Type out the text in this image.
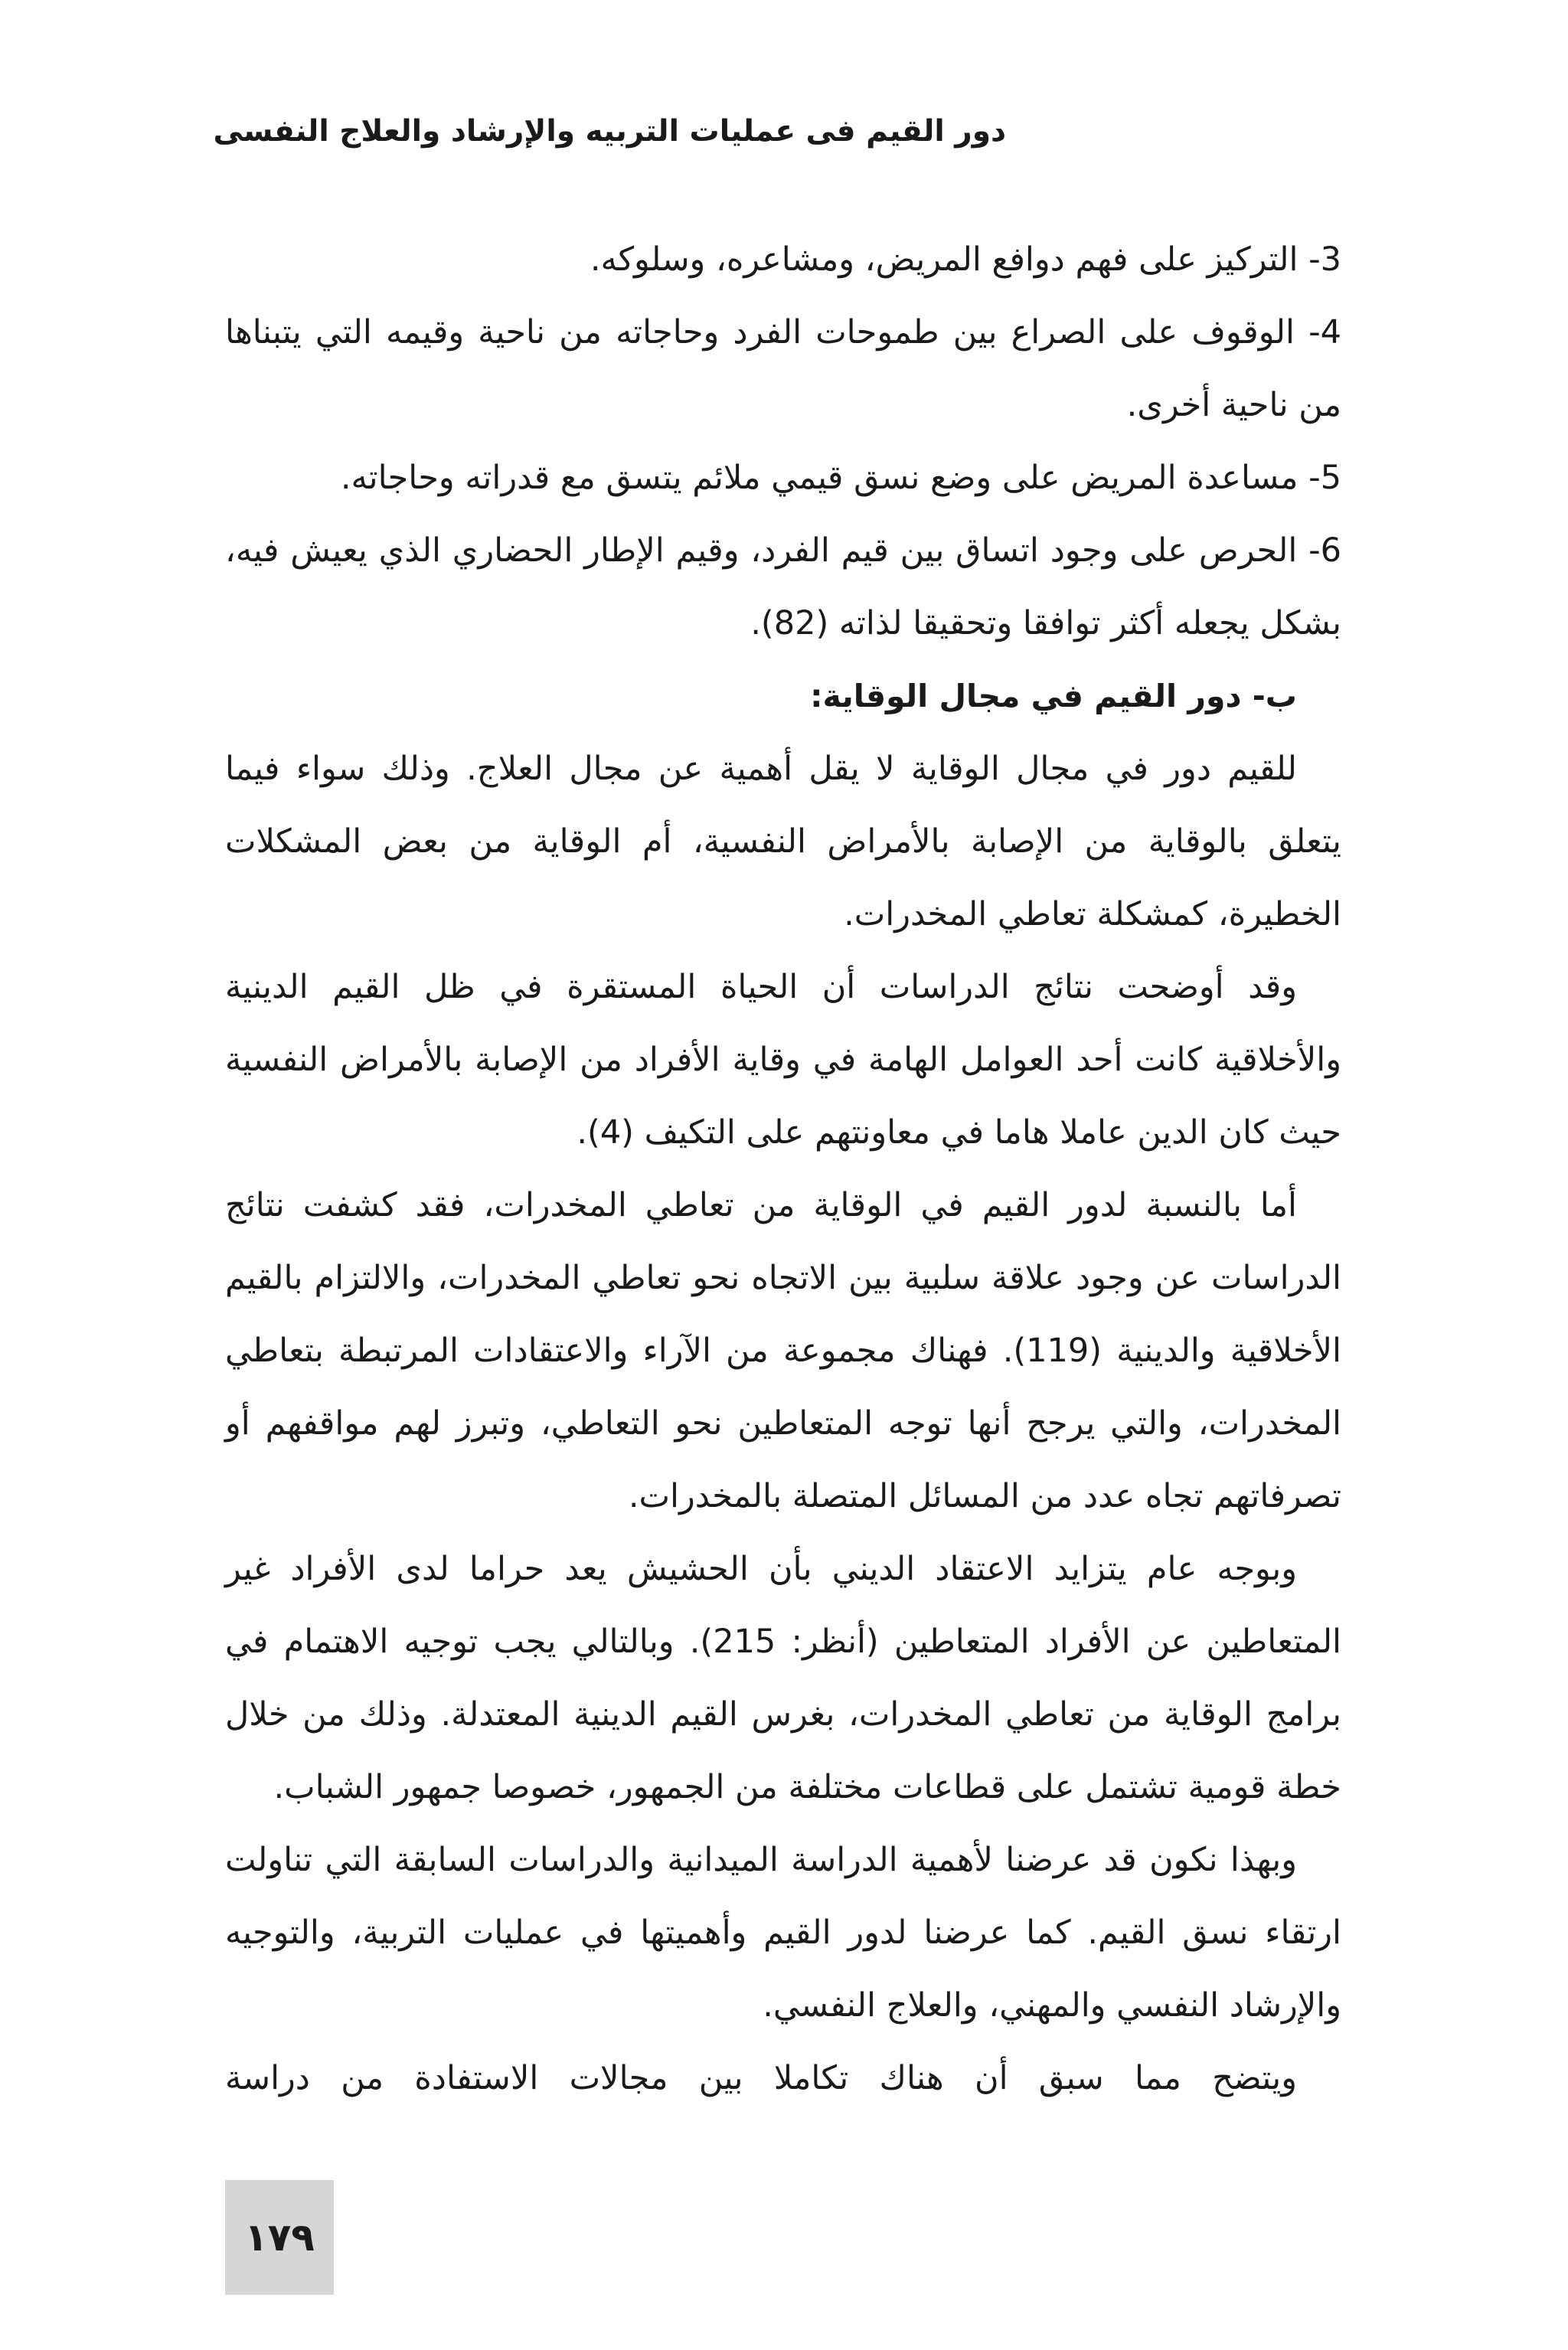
دور القيم فى عمليات التربيه والإرشاد والعلاج النفسى

3- التركيز على فهم دوافع المريض، ومشاعره، وسلوكه.

4- الوقوف على الصراع بين طموحات الفرد وحاجاته من ناحية وقيمه التي يتبناها من ناحية أخرى.

5- مساعدة المريض على وضع نسق قيمي ملائم يتسق مع قدراته وحاجاته.

6- الحرص على وجود اتساق بين قيم الفرد، وقيم الإطار الحضاري الذي يعيش فيه، بشكل يجعله أكثر توافقا وتحقيقا لذاته (82).

ب- دور القيم في مجال الوقاية:

للقيم دور في مجال الوقاية لا يقل أهمية عن مجال العلاج. وذلك سواء فيما يتعلق بالوقاية من الإصابة بالأمراض النفسية، أم الوقاية من بعض المشكلات الخطيرة، كمشكلة تعاطي المخدرات.

وقد أوضحت نتائج الدراسات أن الحياة المستقرة في ظل القيم الدينية والأخلاقية كانت أحد العوامل الهامة في وقاية الأفراد من الإصابة بالأمراض النفسية حيث كان الدين عاملا هاما في معاونتهم على التكيف (4).

أما بالنسبة لدور القيم في الوقاية من تعاطي المخدرات، فقد كشفت نتائج الدراسات عن وجود علاقة سلبية بين الاتجاه نحو تعاطي المخدرات، والالتزام بالقيم الأخلاقية والدينية (119). فهناك مجموعة من الآراء والاعتقادات المرتبطة بتعاطي المخدرات، والتي يرجح أنها توجه المتعاطين نحو التعاطي، وتبرز لهم مواقفهم أو تصرفاتهم تجاه عدد من المسائل المتصلة بالمخدرات.

وبوجه عام يتزايد الاعتقاد الديني بأن الحشيش يعد حراما لدى الأفراد غير المتعاطين عن الأفراد المتعاطين (أنظر: 215). وبالتالي يجب توجيه الاهتمام في برامج الوقاية من تعاطي المخدرات، بغرس القيم الدينية المعتدلة. وذلك من خلال خطة قومية تشتمل على قطاعات مختلفة من الجمهور، خصوصا جمهور الشباب.

وبهذا نكون قد عرضنا لأهمية الدراسة الميدانية والدراسات السابقة التي تناولت ارتقاء نسق القيم. كما عرضنا لدور القيم وأهميتها في عمليات التربية، والتوجيه والإرشاد النفسي والمهني، والعلاج النفسي.

ويتضح مما سبق أن هناك تكاملا بين مجالات الاستفادة من دراسة

١٧٩
